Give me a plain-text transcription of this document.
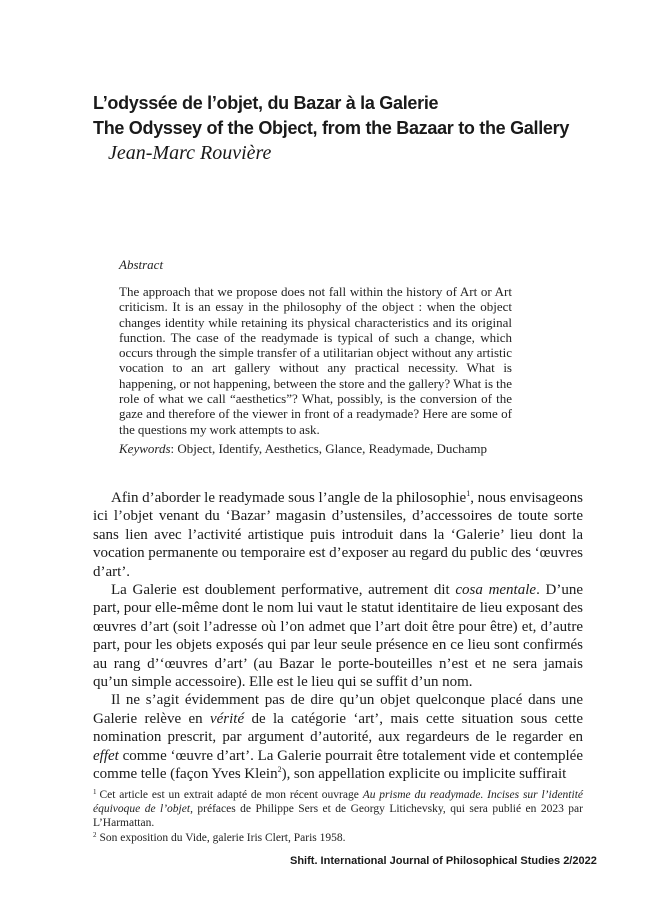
L’odyssée de l’objet, du Bazar à la Galerie
The Odyssey of the Object, from the Bazaar to the Gallery

Jean-Marc Rouvière

Abstract
The approach that we propose does not fall within the history of Art or Art criticism. It is an essay in the philosophy of the object : when the object changes identity while retaining its physical characteristics and its original function. The case of the readymade is typical of such a change, which occurs through the simple transfer of a utilitarian object without any artistic vocation to an art gallery without any practical necessity. What is happening, or not happening, between the store and the gallery? What is the role of what we call “aesthetics”? What, possibly, is the conversion of the gaze and therefore of the viewer in front of a readymade? Here are some of the questions my work attempts to ask.
Keywords: Object, Identify, Aesthetics, Glance, Readymade, Duchamp

Afin d’aborder le readymade sous l’angle de la philosophie$^1$, nous envisageons ici l’objet venant du ‘Bazar’ magasin d’ustensiles, d’accessoires de toute sorte sans lien avec l’activité artistique puis introduit dans la ‘Galerie’ lieu dont la vocation permanente ou temporaire est d’exposer au regard du public des ‘œuvres d’art’.

La Galerie est doublement performative, autrement dit cosa mentale. D’une part, pour elle-même dont le nom lui vaut le statut identitaire de lieu exposant des œuvres d’art (soit l’adresse où l’on admet que l’art doit être pour être) et, d’autre part, pour les objets exposés qui par leur seule présence en ce lieu sont confirmés au rang d’‘œuvres d’art’ (au Bazar le porte-bouteilles n’est et ne sera jamais qu’un simple accessoire). Elle est le lieu qui se suffit d’un nom.

Il ne s’agit évidemment pas de dire qu’un objet quelconque placé dans une Galerie relève en vérité de la catégorie ‘art’, mais cette situation sous cette nomination prescrit, par argument d’autorité, aux regardeurs de le regarder en effet comme ‘œuvre d’art’. La Galerie pourrait être totalement vide et contemplée comme telle (façon Yves Klein$^2$), son appellation explicite ou implicite suffirait

$^1$ Cet article est un extrait adapté de mon récent ouvrage Au prisme du readymade. Incises sur l’identité équivoque de l’objet, préfaces de Philippe Sers et de Georgy Litichevsky, qui sera publié en 2023 par L’Harmattan.

$^2$ Son exposition du Vide, galerie Iris Clert, Paris 1958.

Shift. International Journal of Philosophical Studies 2/2022
